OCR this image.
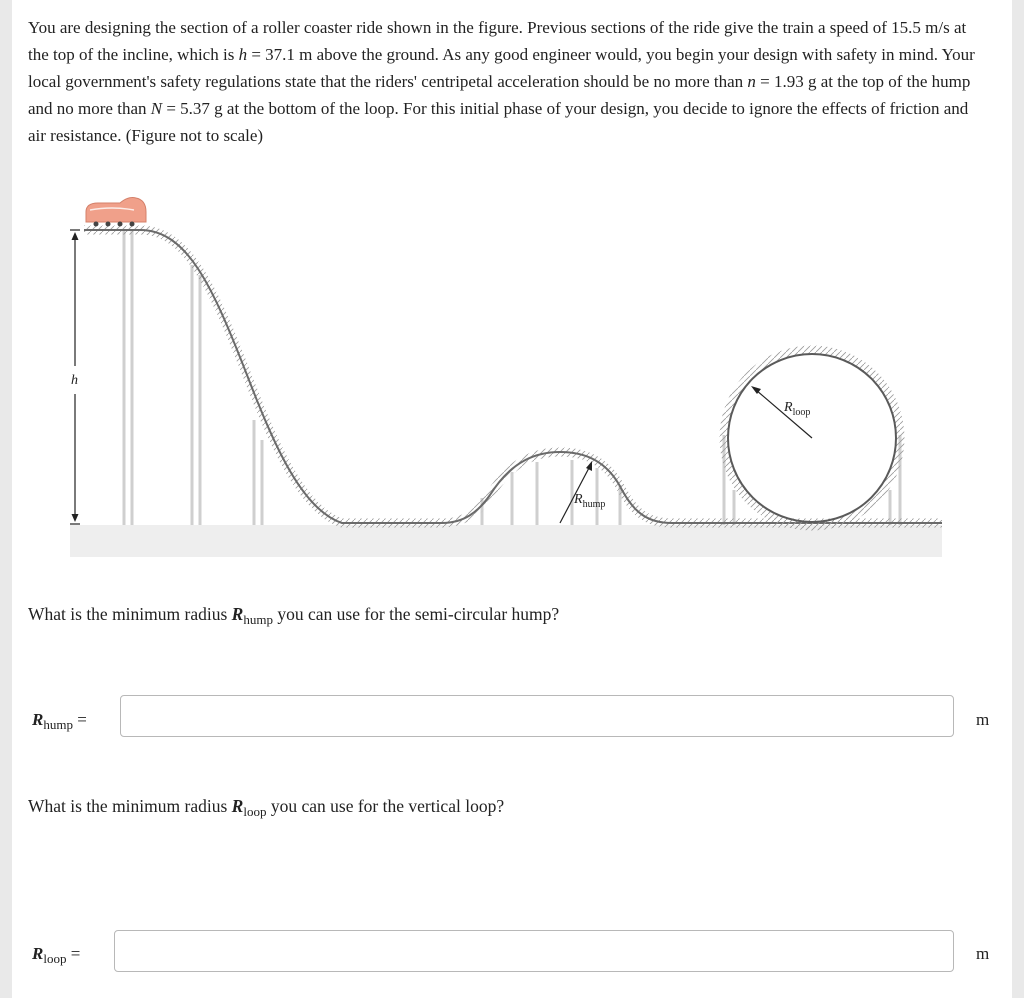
You are designing the section of a roller coaster ride shown in the figure. Previous sections of the ride give the train a speed of 15.5 m/s at the top of the incline, which is h = 37.1 m above the ground. As any good engineer would, you begin your design with safety in mind. Your local government's safety regulations state that the riders' centripetal acceleration should be no more than n = 1.93 g at the top of the hump and no more than N = 5.37 g at the bottom of the loop. For this initial phase of your design, you decide to ignore the effects of friction and air resistance. (Figure not to scale)

h
$R_{hump}$
$R_{loop}$

What is the minimum radius $R_{hump}$ you can use for the semi-circular hump?

$R_{hump}$ =	m

What is the minimum radius $R_{loop}$ you can use for the vertical loop?

$R_{loop}$ =	m
